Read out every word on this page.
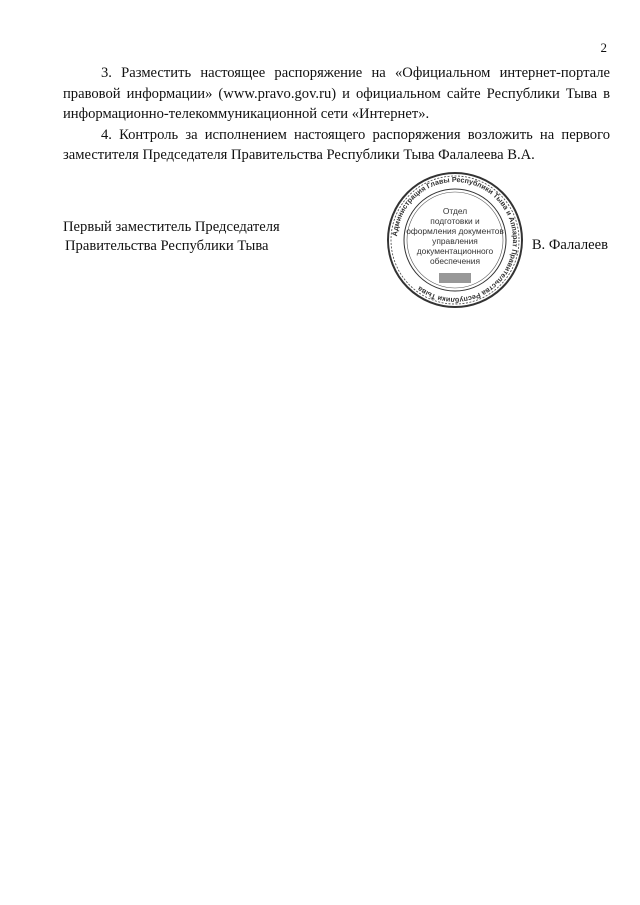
2

3. Разместить настоящее распоряжение на «Официальном интернет-портале правовой информации» (www.pravo.gov.ru) и официальном сайте Республики Тыва в информационно-телекоммуникационной сети «Интернет».

4. Контроль за исполнением настоящего распоряжения возложить на первого заместителя Председателя Правительства Республики Тыва Фалалеева В.А.

Первый заместитель Председателя
Правительства Республики Тыва
Администрация Главы Республики Тыва и Аппарат Правительства Республики Тыва
Отдел
подготовки и
оформления документов
управления
документационного
обеспечения
В. Фалалеев
